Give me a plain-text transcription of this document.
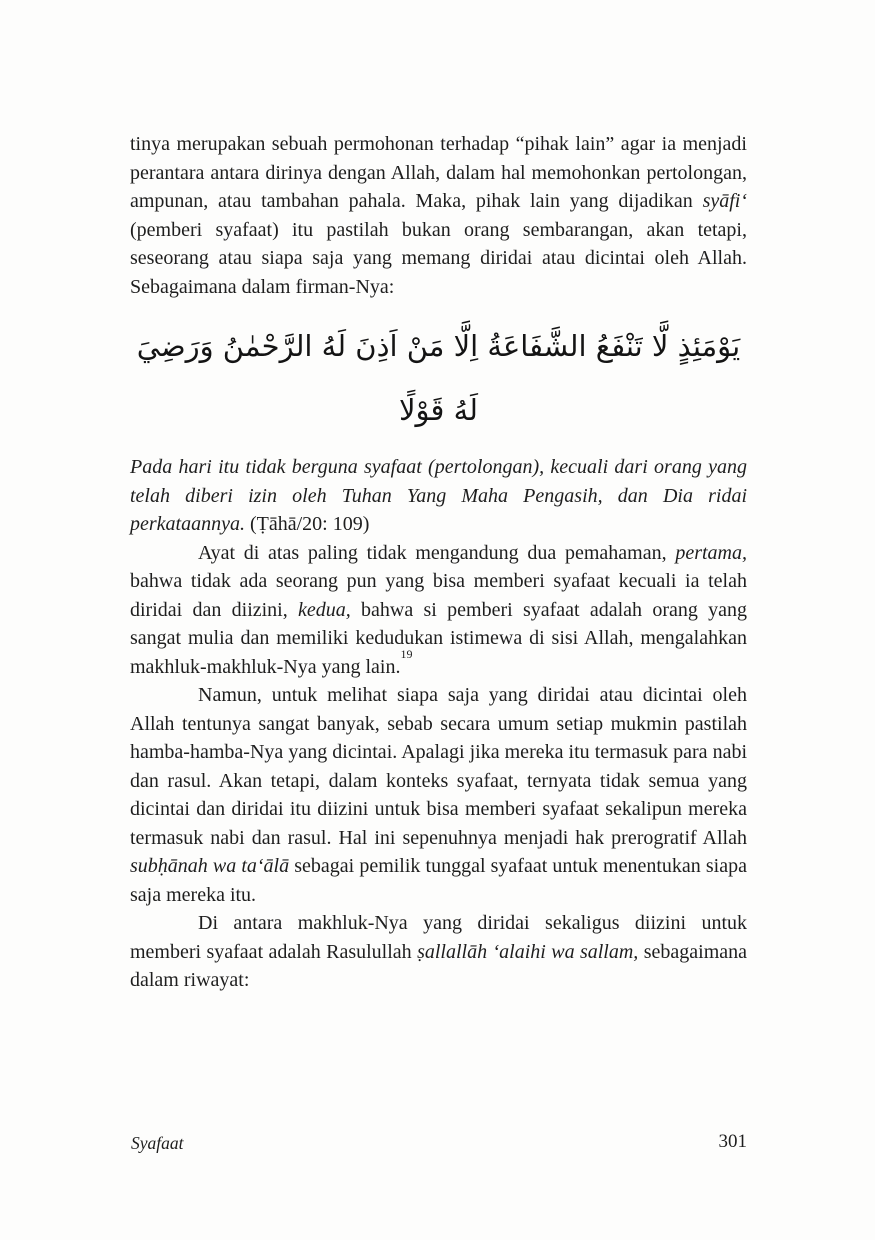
tinya merupakan sebuah permohonan terhadap “pihak lain” agar ia menjadi perantara antara dirinya dengan Allah, dalam hal memohonkan pertolongan, ampunan, atau tambahan pahala. Maka, pihak lain yang dijadikan syāfi‘ (pemberi syafaat) itu pastilah bukan orang sembarangan, akan tetapi, seseorang atau siapa saja yang memang diridai atau dicintai oleh Allah. Sebagaimana dalam firman-Nya:

يَوْمَئِذٍ لَّا تَنْفَعُ الشَّفَاعَةُ اِلَّا مَنْ اَذِنَ لَهُ الرَّحْمٰنُ وَرَضِيَ لَهُ قَوْلًا

Pada hari itu tidak berguna syafaat (pertolongan), kecuali dari orang yang telah diberi izin oleh Tuhan Yang Maha Pengasih, dan Dia ridai perkataannya. (Ṭāhā/20: 109)

Ayat di atas paling tidak mengandung dua pemahaman, pertama, bahwa tidak ada seorang pun yang bisa memberi syafaat kecuali ia telah diridai dan diizini, kedua, bahwa si pemberi syafaat adalah orang yang sangat mulia dan memiliki kedudukan istimewa di sisi Allah, mengalahkan makhluk-makhluk-Nya yang lain.$^{19}$

Namun, untuk melihat siapa saja yang diridai atau dicintai oleh Allah tentunya sangat banyak, sebab secara umum setiap mukmin pastilah hamba-hamba-Nya yang dicintai. Apalagi jika mereka itu termasuk para nabi dan rasul. Akan tetapi, dalam konteks syafaat, ternyata tidak semua yang dicintai dan diridai itu diizini untuk bisa memberi syafaat sekalipun mereka termasuk nabi dan rasul. Hal ini sepenuhnya menjadi hak prerogratif Allah subḥānah wa ta‘ālā sebagai pemilik tunggal syafaat untuk menentukan siapa saja mereka itu.

Di antara makhluk-Nya yang diridai sekaligus diizini untuk memberi syafaat adalah Rasulullah ṣallallāh ‘alaihi wa sallam, sebagaimana dalam riwayat:

Syafaat	301
